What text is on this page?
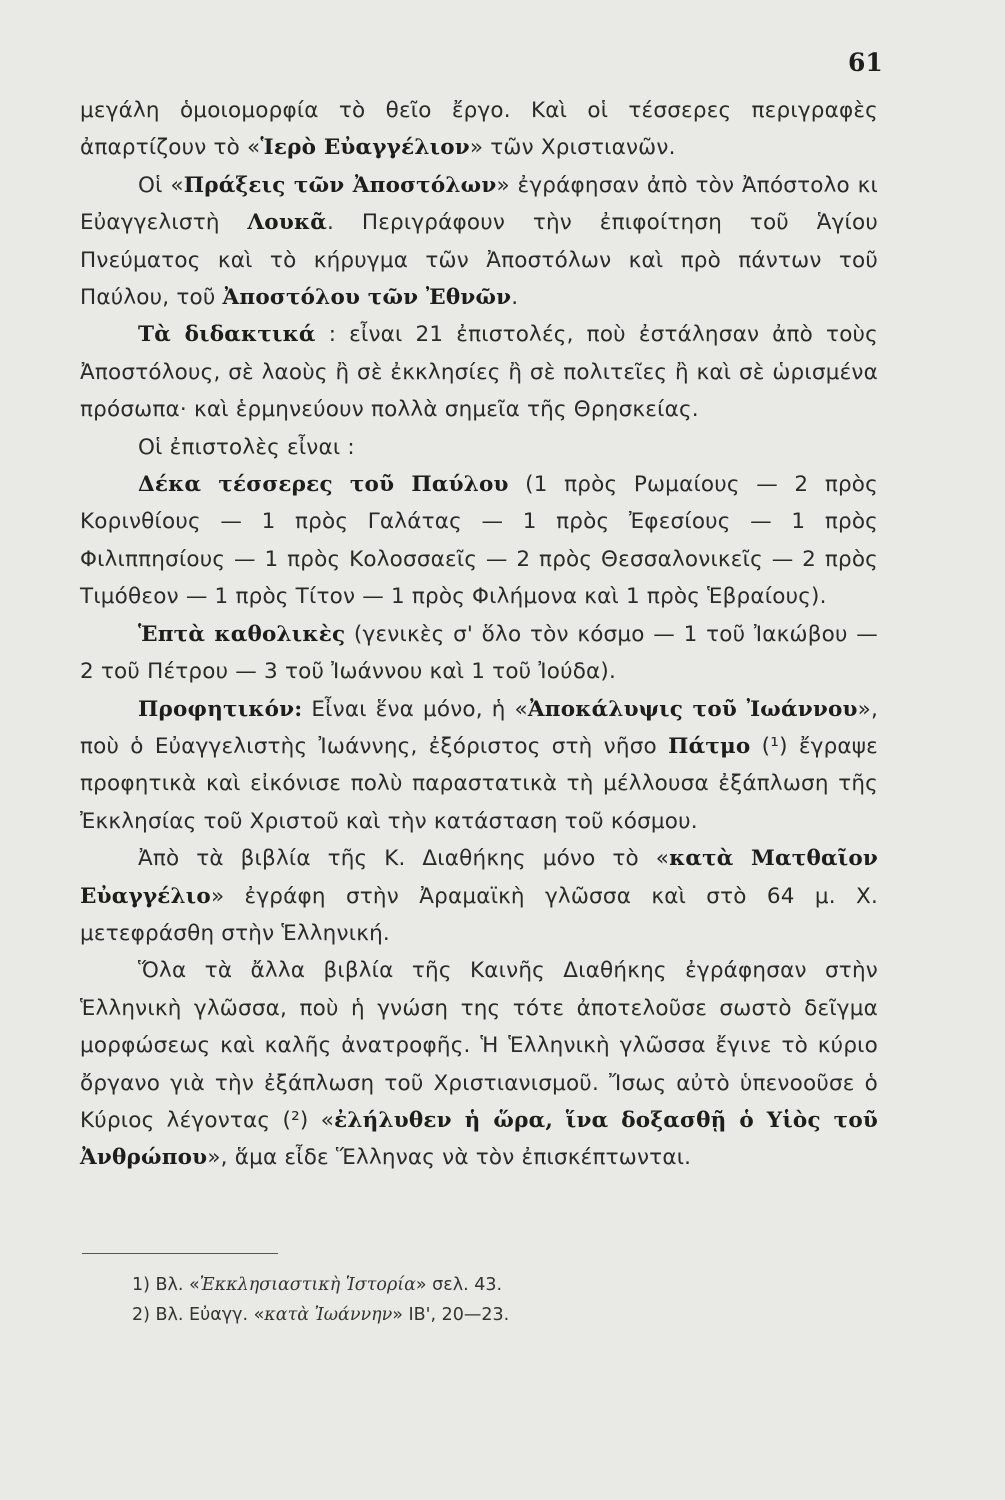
61

μεγάλη ὁμοιομορφία τὸ θεῖο ἔργο. Καὶ οἱ τέσσερες περιγραφὲς ἀπαρτίζουν τὸ «Ἱερὸ Εὐαγγέλιον» τῶν Χριστιανῶν.

Οἱ «Πράξεις τῶν Ἀποστόλων» ἐγράφησαν ἀπὸ τὸν Ἀπόστολο κι Εὐαγγελιστὴ Λουκᾶ. Περιγράφουν τὴν ἐπιφοίτηση τοῦ Ἁγίου Πνεύματος καὶ τὸ κήρυγμα τῶν Ἀποστόλων καὶ πρὸ πάντων τοῦ Παύλου, τοῦ Ἀποστόλου τῶν Ἐθνῶν.

Τὰ διδακτικά : εἶναι 21 ἐπιστολές, ποὺ ἐστάλησαν ἀπὸ τοὺς Ἀποστόλους, σὲ λαοὺς ἢ σὲ ἐκκλησίες ἢ σὲ πολιτεῖες ἢ καὶ σὲ ὡρισμένα πρόσωπα· καὶ ἑρμηνεύουν πολλὰ σημεῖα τῆς Θρησκείας.

Οἱ ἐπιστολὲς εἶναι :

Δέκα τέσσερες τοῦ Παύλου (1 πρὸς Ρωμαίους — 2 πρὸς Κορινθίους — 1 πρὸς Γαλάτας — 1 πρὸς Ἐφεσίους — 1 πρὸς Φιλιππησίους — 1 πρὸς Κολοσσαεῖς — 2 πρὸς Θεσσαλονικεῖς — 2 πρὸς Τιμόθεον — 1 πρὸς Τίτον — 1 πρὸς Φιλήμονα καὶ 1 πρὸς Ἑβραίους).

Ἑπτὰ καθολικὲς (γενικὲς σ' ὅλο τὸν κόσμο — 1 τοῦ Ἰακώβου — 2 τοῦ Πέτρου — 3 τοῦ Ἰωάννου καὶ 1 τοῦ Ἰούδα).

Προφητικόν: Εἶναι ἕνα μόνο, ἡ «Ἀποκάλυψις τοῦ Ἰωάννου», ποὺ ὁ Εὐαγγελιστὴς Ἰωάννης, ἐξόριστος στὴ νῆσο Πάτμο (¹) ἔγραψε προφητικὰ καὶ εἰκόνισε πολὺ παραστατικὰ τὴ μέλλουσα ἐξάπλωση τῆς Ἐκκλησίας τοῦ Χριστοῦ καὶ τὴν κατάσταση τοῦ κόσμου.

Ἀπὸ τὰ βιβλία τῆς Κ. Διαθήκης μόνο τὸ «κατὰ Ματθαῖον Εὐαγγέλιο» ἐγράφη στὴν Ἀραμαϊκὴ γλῶσσα καὶ στὸ 64 μ. Χ. μετεφράσθη στὴν Ἑλληνική.

Ὅλα τὰ ἄλλα βιβλία τῆς Καινῆς Διαθήκης ἐγράφησαν στὴν Ἑλληνικὴ γλῶσσα, ποὺ ἡ γνώση της τότε ἀποτελοῦσε σωστὸ δεῖγμα μορφώσεως καὶ καλῆς ἀνατροφῆς. Ἡ Ἑλληνικὴ γλῶσσα ἔγινε τὸ κύριο ὄργανο γιὰ τὴν ἐξάπλωση τοῦ Χριστιανισμοῦ. Ἴσως αὐτὸ ὑπενοοῦσε ὁ Κύριος λέγοντας (²) «ἐλήλυθεν ἡ ὥρα, ἵνα δοξασθῇ ὁ Υἱὸς τοῦ Ἀνθρώπου», ἅμα εἶδε Ἕλληνας νὰ τὸν ἐπισκέπτωνται.

1) Βλ. «Ἐκκλησιαστικὴ Ἱστορία» σελ. 43.

2) Βλ. Εὐαγγ. «κατὰ Ἰωάννην» ΙΒ', 20—23.
